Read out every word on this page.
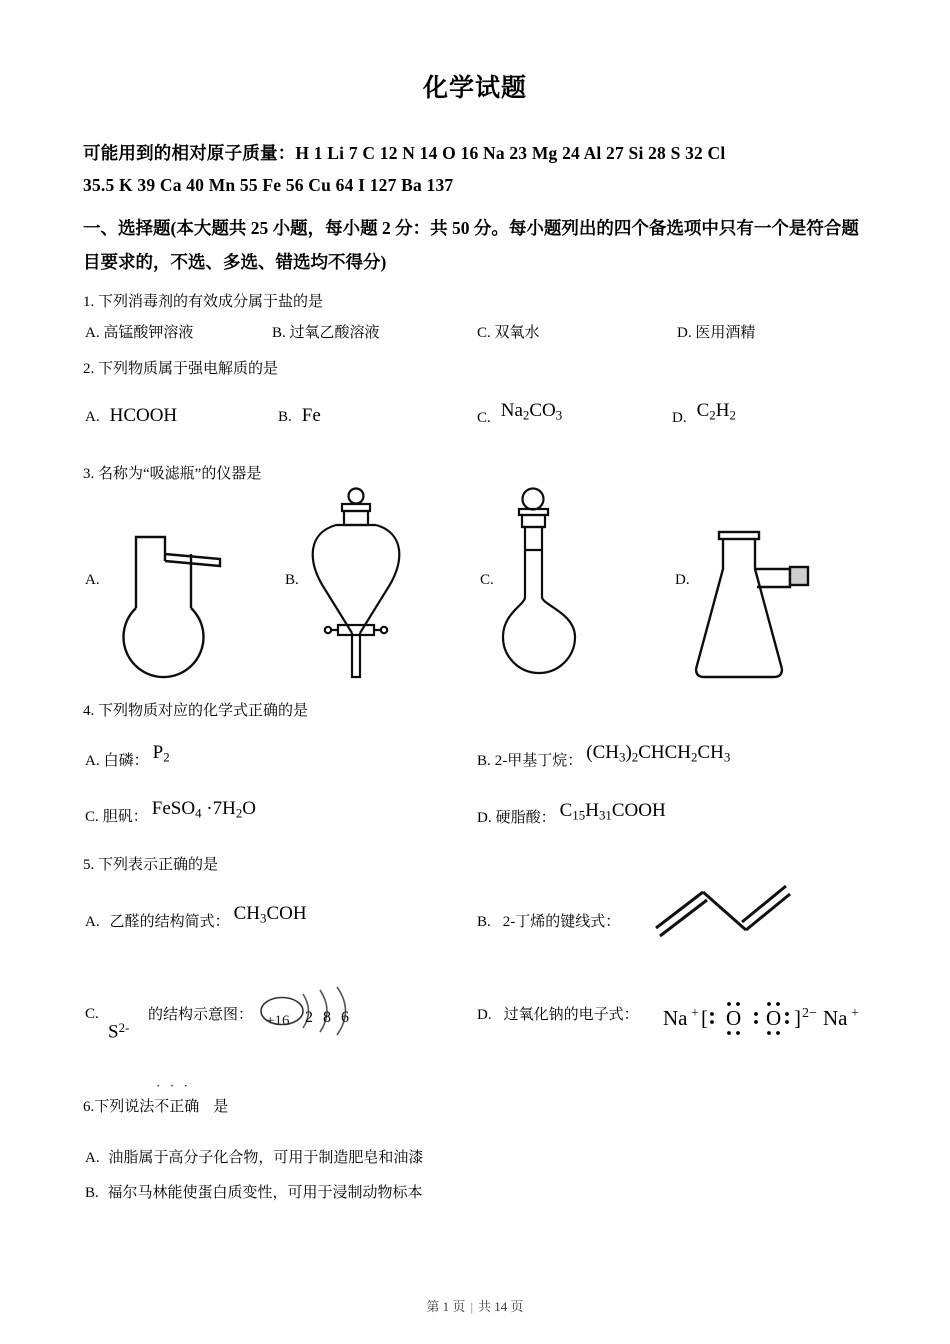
化学试题
可能用到的相对原子质量：H 1 Li 7 C 12 N 14 O 16 Na 23 Mg 24 Al 27 Si 28 S 32 Cl
35.5 K 39 Ca 40 Mn 55 Fe 56 Cu 64 I 127 Ba 137
一、选择题(本大题共 25 小题，每小题 2 分：共 50 分。每小题列出的四个备选项中只有一个是符合题目要求的，不选、多选、错选均不得分)
1. 下列消毒剂的有效成分属于盐的是
A. 高锰酸钾溶液	B. 过氧乙酸溶液	C. 双氧水	D. 医用酒精
2. 下列物质属于强电解质的是
A. HCOOH	B. Fe	C. $Na_2CO_3$	D. $C_2H_2$
3. 名称为“吸滤瓶”的仪器是
A.	B.	C.	D.
4. 下列物质对应的化学式正确的是
A. 白磷： $P_2$	B. 2‑甲基丁烷： $(CH_3)_2CHCH_2CH_3$
C. 胆矾： FeSO$_4$ $\cdot 7H_2O$	D. 硬脂酸： $C_{15}H_{31}COOH$
5. 下列表示正确的是
A. 乙醛的结构简式： $CH_3COH$	B. 2‑丁烯的键线式：
C.
$S^{2-}$
的结构示意图： +16 2 8 6	D. 过氧化钠的电子式： Na + [ O O ] 2− Na +
6.下列说法
···
不正确 是
A. 油脂属于高分子化合物，可用于制造肥皂和油漆
B. 福尔马林能使蛋白质变性，可用于浸制动物标本
第 1 页 | 共 14 页
